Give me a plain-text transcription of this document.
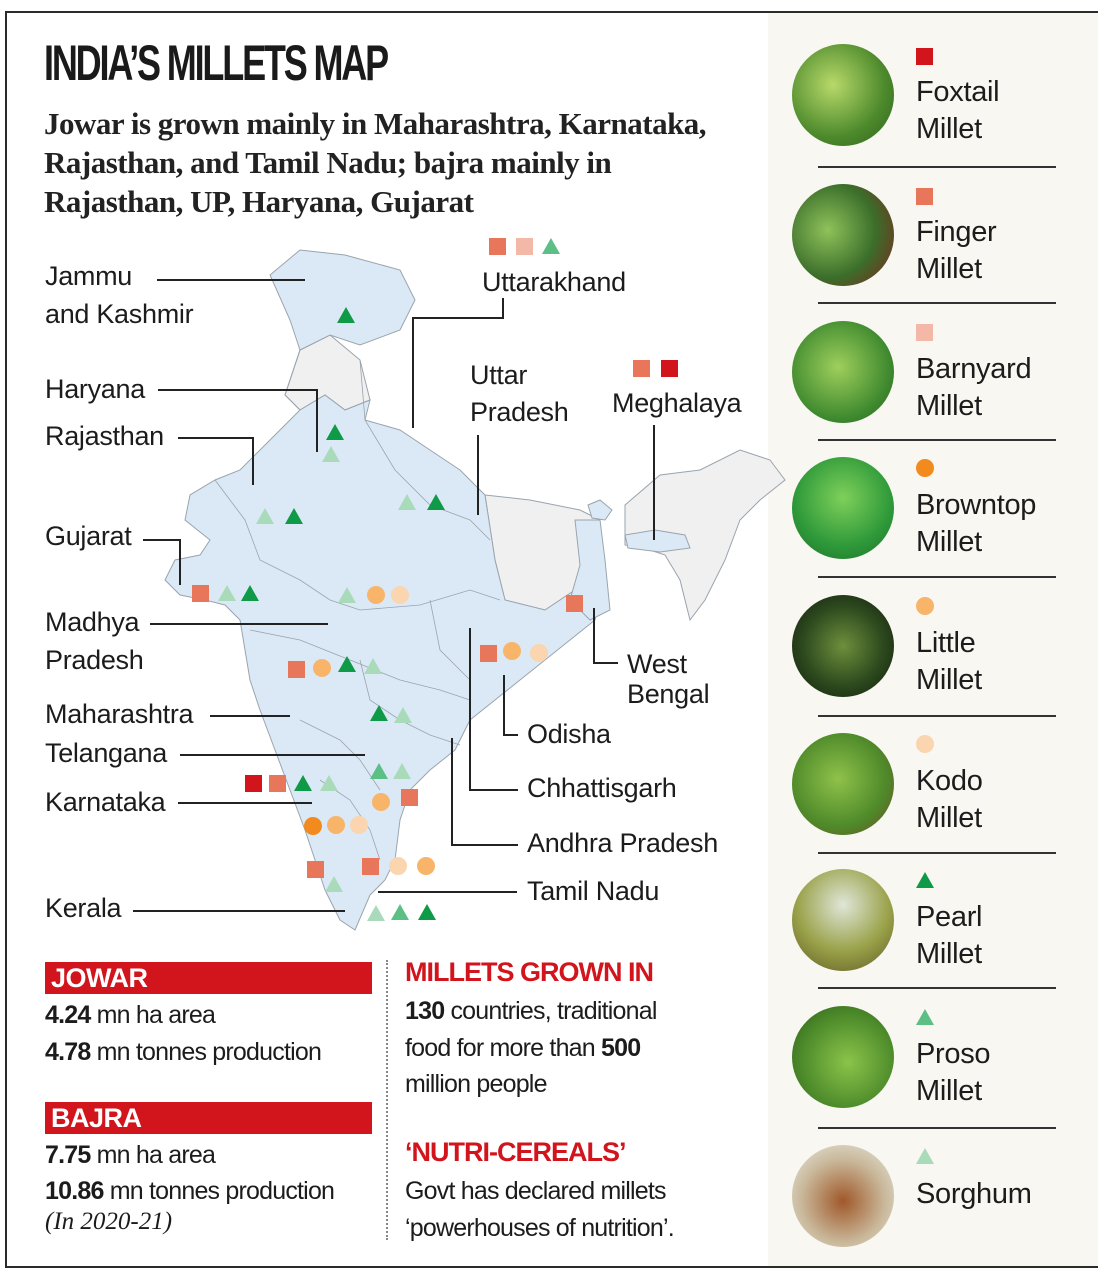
INDIA’S MILLETS MAP
Jowar is grown mainly in Maharashtra, Karnataka, Rajasthan, and Tamil Nadu; bajra mainly in Rajasthan, UP, Haryana, Gujarat
Jammu
and Kashmir
Haryana
Rajasthan
Gujarat
Madhya
Pradesh
Maharashtra
Telangana
Karnataka
Kerala
Uttarakhand
Uttar
Pradesh Meghalaya
West
Bengal
Odisha
Chhattisgarh
Andhra Pradesh
Tamil Nadu
JOWAR
4.24 mn ha area
4.78 mn tonnes production
BAJRA
7.75 mn ha area
10.86 mn tonnes production
(In 2020-21)
MILLETS GROWN IN
130 countries, traditional
food for more than 500
million people
‘NUTRI-CEREALS’
Govt has declared millets
‘powerhouses of nutrition’.
Foxtail
Millet
Finger
Millet
Barnyard
Millet
Browntop
Millet
Little
Millet
Kodo
Millet
Pearl
Millet
Proso
Millet
Sorghum
